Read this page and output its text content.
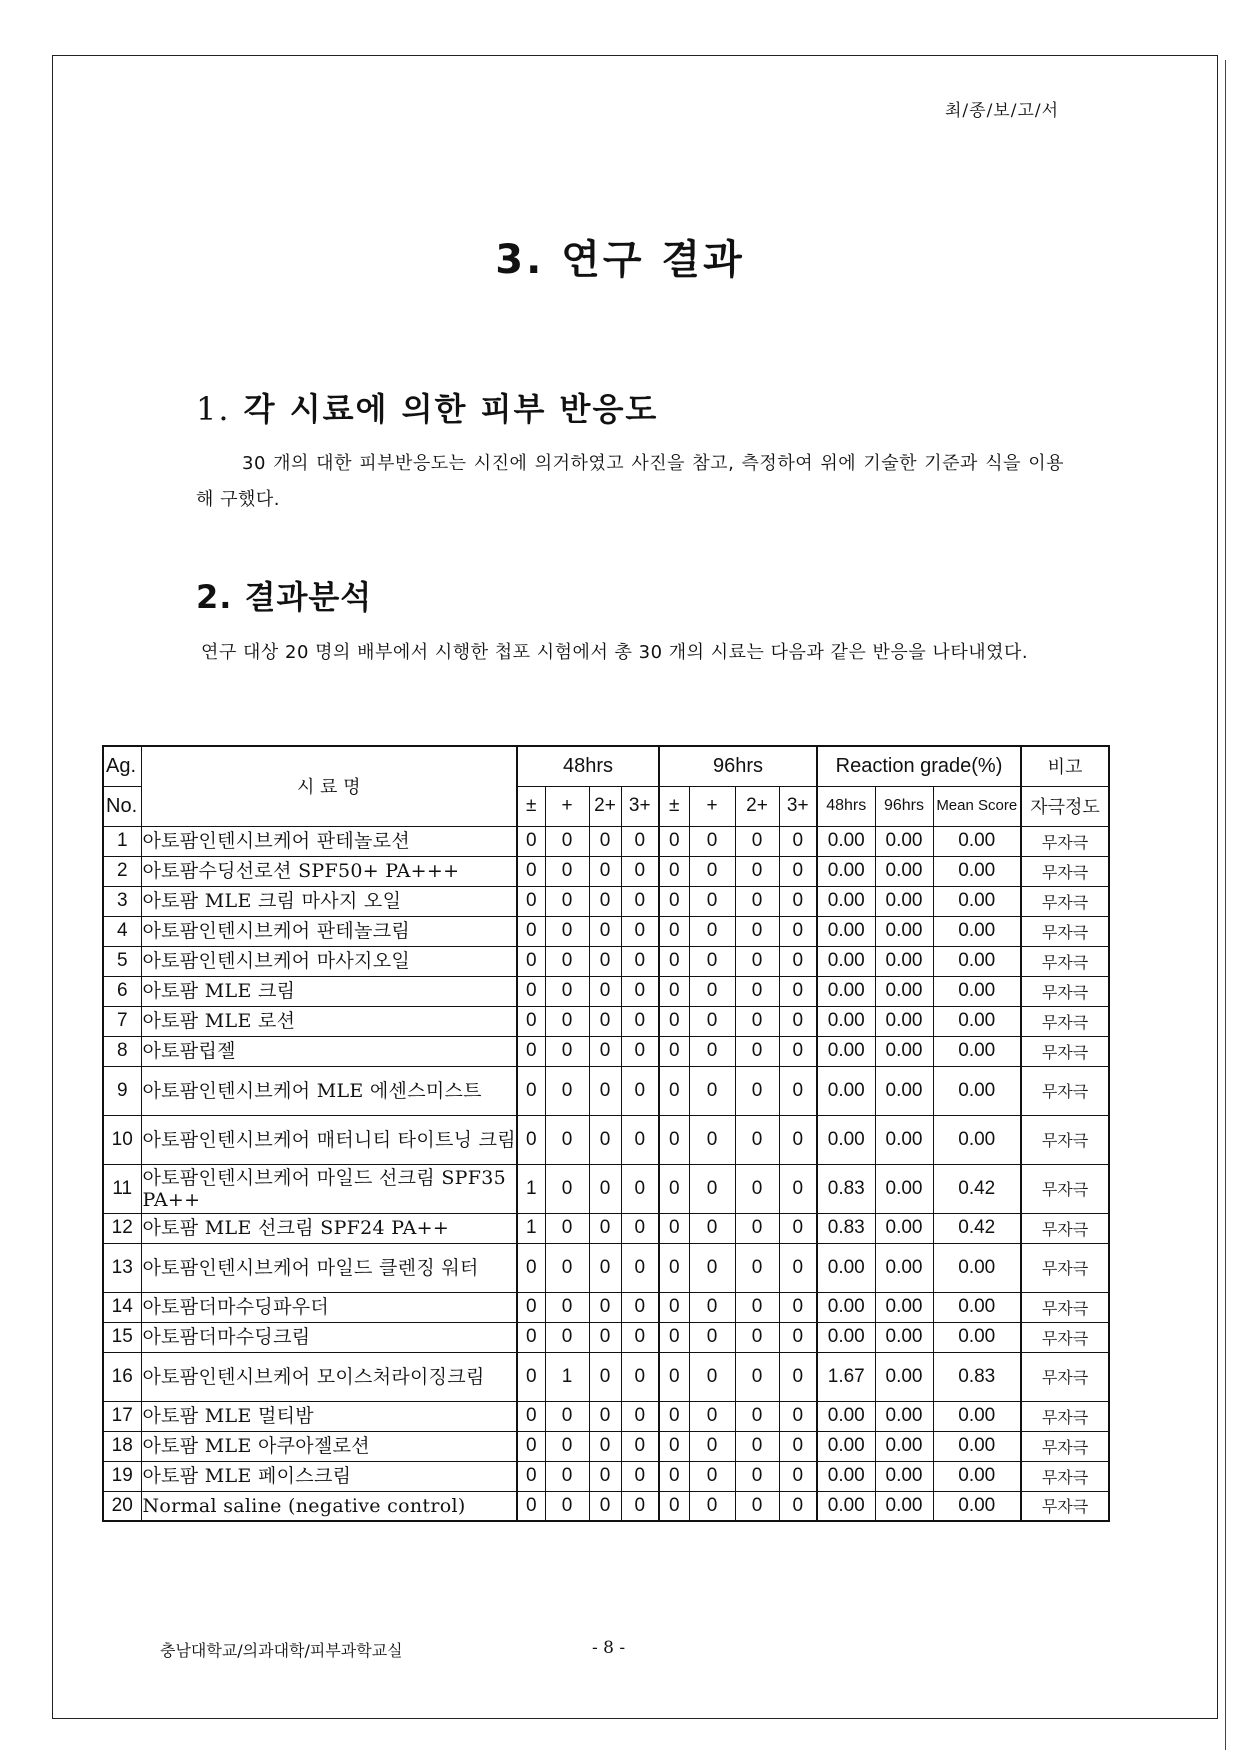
최/종/보/고/서
3. 연구 결과
1. 각 시료에 의한 피부 반응도
30 개의 대한 피부반응도는 시진에 의거하였고 사진을 참고, 측정하여 위에 기술한 기준과 식을 이용해 구했다.
2. 결과분석
연구 대상 20 명의 배부에서 시행한 첩포 시험에서 총 30 개의 시료는 다음과 같은 반응을 나타내였다.
Ag.	시 료 명	48hrs				96hrs				Reaction grade(%)			비고
No.		±	+	2+	3+	±	+	2+	3+	48hrs	96hrs	Mean Score	자극정도
1	아토팜인텐시브케어 판테놀로션	0	0	0	0	0	0	0	0	0.00	0.00	0.00	무자극
2	아토팜수딩선로션 SPF50+ PA+++	0	0	0	0	0	0	0	0	0.00	0.00	0.00	무자극
3	아토팜 MLE 크림 마사지 오일	0	0	0	0	0	0	0	0	0.00	0.00	0.00	무자극
4	아토팜인텐시브케어 판테놀크림	0	0	0	0	0	0	0	0	0.00	0.00	0.00	무자극
5	아토팜인텐시브케어 마사지오일	0	0	0	0	0	0	0	0	0.00	0.00	0.00	무자극
6	아토팜 MLE 크림	0	0	0	0	0	0	0	0	0.00	0.00	0.00	무자극
7	아토팜 MLE 로션	0	0	0	0	0	0	0	0	0.00	0.00	0.00	무자극
8	아토팜립젤	0	0	0	0	0	0	0	0	0.00	0.00	0.00	무자극
9	아토팜인텐시브케어 MLE 에센스미스트	0	0	0	0	0	0	0	0	0.00	0.00	0.00	무자극
10	아토팜인텐시브케어 매터니티 타이트닝 크림	0	0	0	0	0	0	0	0	0.00	0.00	0.00	무자극
11	아토팜인텐시브케어 마일드 선크림 SPF35 PA++	1	0	0	0	0	0	0	0	0.83	0.00	0.42	무자극
12	아토팜 MLE 선크림 SPF24 PA++	1	0	0	0	0	0	0	0	0.83	0.00	0.42	무자극
13	아토팜인텐시브케어 마일드 클렌징 워터	0	0	0	0	0	0	0	0	0.00	0.00	0.00	무자극
14	아토팜더마수딩파우더	0	0	0	0	0	0	0	0	0.00	0.00	0.00	무자극
15	아토팜더마수딩크림	0	0	0	0	0	0	0	0	0.00	0.00	0.00	무자극
16	아토팜인텐시브케어 모이스처라이징크림	0	1	0	0	0	0	0	0	1.67	0.00	0.83	무자극
17	아토팜 MLE 멀티밤	0	0	0	0	0	0	0	0	0.00	0.00	0.00	무자극
18	아토팜 MLE 아쿠아젤로션	0	0	0	0	0	0	0	0	0.00	0.00	0.00	무자극
19	아토팜 MLE 페이스크림	0	0	0	0	0	0	0	0	0.00	0.00	0.00	무자극
20	Normal saline (negative control)	0	0	0	0	0	0	0	0	0.00	0.00	0.00	무자극
충남대학교/의과대학/피부과학교실	- 8 -
